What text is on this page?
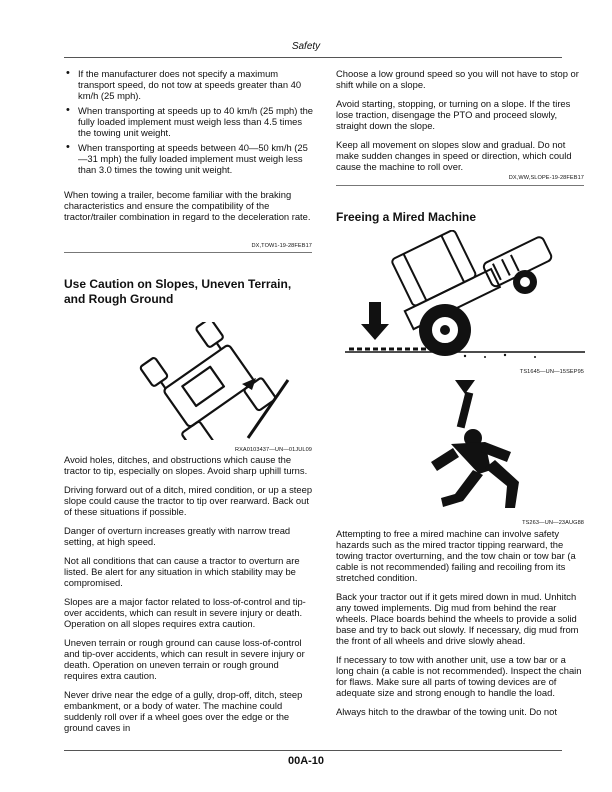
Safety
• If the manufacturer does not specify a maximum transport speed, do not tow at speeds greater than 40 km/h (25 mph).
• When transporting at speeds up to 40 km/h (25 mph) the fully loaded implement must weigh less than 4.5 times the towing unit weight.
• When transporting at speeds between 40—50 km/h (25—31 mph) the fully loaded implement must weigh less than 3.0 times the towing unit weight.

When towing a trailer, become familiar with the braking characteristics and ensure the compatibility of the tractor/trailer combination in regard to the deceleration rate.

DX,TOW1-19-28FEB17
Use Caution on Slopes, Uneven Terrain, and Rough Ground
RXA0103437—UN—01JUL09

Avoid holes, ditches, and obstructions which cause the tractor to tip, especially on slopes. Avoid sharp uphill turns.

Driving forward out of a ditch, mired condition, or up a steep slope could cause the tractor to tip over rearward. Back out of these situations if possible.

Danger of overturn increases greatly with narrow tread setting, at high speed.

Not all conditions that can cause a tractor to overturn are listed. Be alert for any situation in which stability may be compromised.

Slopes are a major factor related to loss-of-control and tip-over accidents, which can result in severe injury or death. Operation on all slopes requires extra caution.

Uneven terrain or rough ground can cause loss-of-control and tip-over accidents, which can result in severe injury or death. Operation on uneven terrain or rough ground requires extra caution.

Never drive near the edge of a gully, drop-off, ditch, steep embankment, or a body of water. The machine could suddenly roll over if a wheel goes over the edge or the ground caves in

Choose a low ground speed so you will not have to stop or shift while on a slope.

Avoid starting, stopping, or turning on a slope. If the tires lose traction, disengage the PTO and proceed slowly, straight down the slope.

Keep all movement on slopes slow and gradual. Do not make sudden changes in speed or direction, which could cause the machine to roll over.

DX,WW,SLOPE-19-28FEB17
Freeing a Mired Machine
TS1645—UN—15SEP95
TS263—UN—23AUG88

Attempting to free a mired machine can involve safety hazards such as the mired tractor tipping rearward, the towing tractor overturning, and the tow chain or tow bar (a cable is not recommended) failing and recoiling from its stretched condition.

Back your tractor out if it gets mired down in mud. Unhitch any towed implements. Dig mud from behind the rear wheels. Place boards behind the wheels to provide a solid base and try to back out slowly. If necessary, dig mud from the front of all wheels and drive slowly ahead.

If necessary to tow with another unit, use a tow bar or a long chain (a cable is not recommended). Inspect the chain for flaws. Make sure all parts of towing devices are of adequate size and strong enough to handle the load.

Always hitch to the drawbar of the towing unit. Do not

00A-10
